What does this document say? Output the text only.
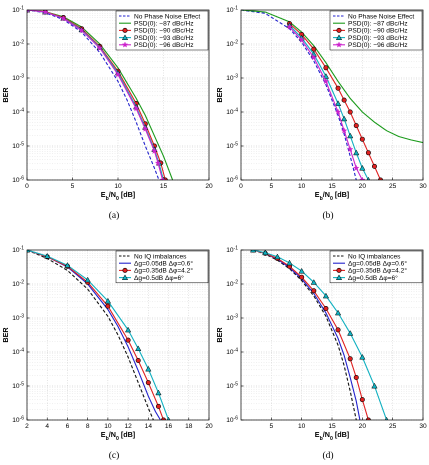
(a)	(b)
(c)	(d)
0	5	10	15	20
$10^{-6}$
$10^{-5}$
$10^{-4}$
$10^{-3}$
$10^{-2}$
$10^{-1}$
$E_b/N_0$ [dB]
BER
No Phase Noise Effect
PSD(0): −87 dBc/Hz
PSD(0): −90 dBc/Hz
PSD(0): −93 dBc/Hz
PSD(0): −96 dBc/Hz
0	5	10	15	20	25	30
$10^{-6}$
$10^{-5}$
$10^{-4}$
$10^{-3}$
$10^{-2}$
$10^{-1}$
$E_b/N_0$ [dB]
BER
No Phase Noise Effect
PSD(0): −87 dBc/Hz
PSD(0): −90 dBc/Hz
PSD(0): −93 dBc/Hz
PSD(0): −96 dBc/Hz
2	4	6	8 10 12 14 16 18 20
$10^{-6}$
$10^{-5}$
$10^{-4}$
$10^{-3}$
$10^{-2}$
$10^{-1}$
$E_b/N_0$ [dB]
BER
No IQ imbalances
Δg=0.05dB Δφ=0.6°
Δg=0.35dB Δφ=4.2°
Δg=0.5dB Δφ=6°
5	10	15	20	25	30
$10^{-6}$
$10^{-5}$
$10^{-4}$
$10^{-3}$
$10^{-2}$
$10^{-1}$
$E_b/N_0$ [dB]
BER
No IQ imbalances
Δg=0.05dB Δφ=0.6°
Δg=0.35dB Δφ=4.2°
Δg=0.5dB Δφ=6°
